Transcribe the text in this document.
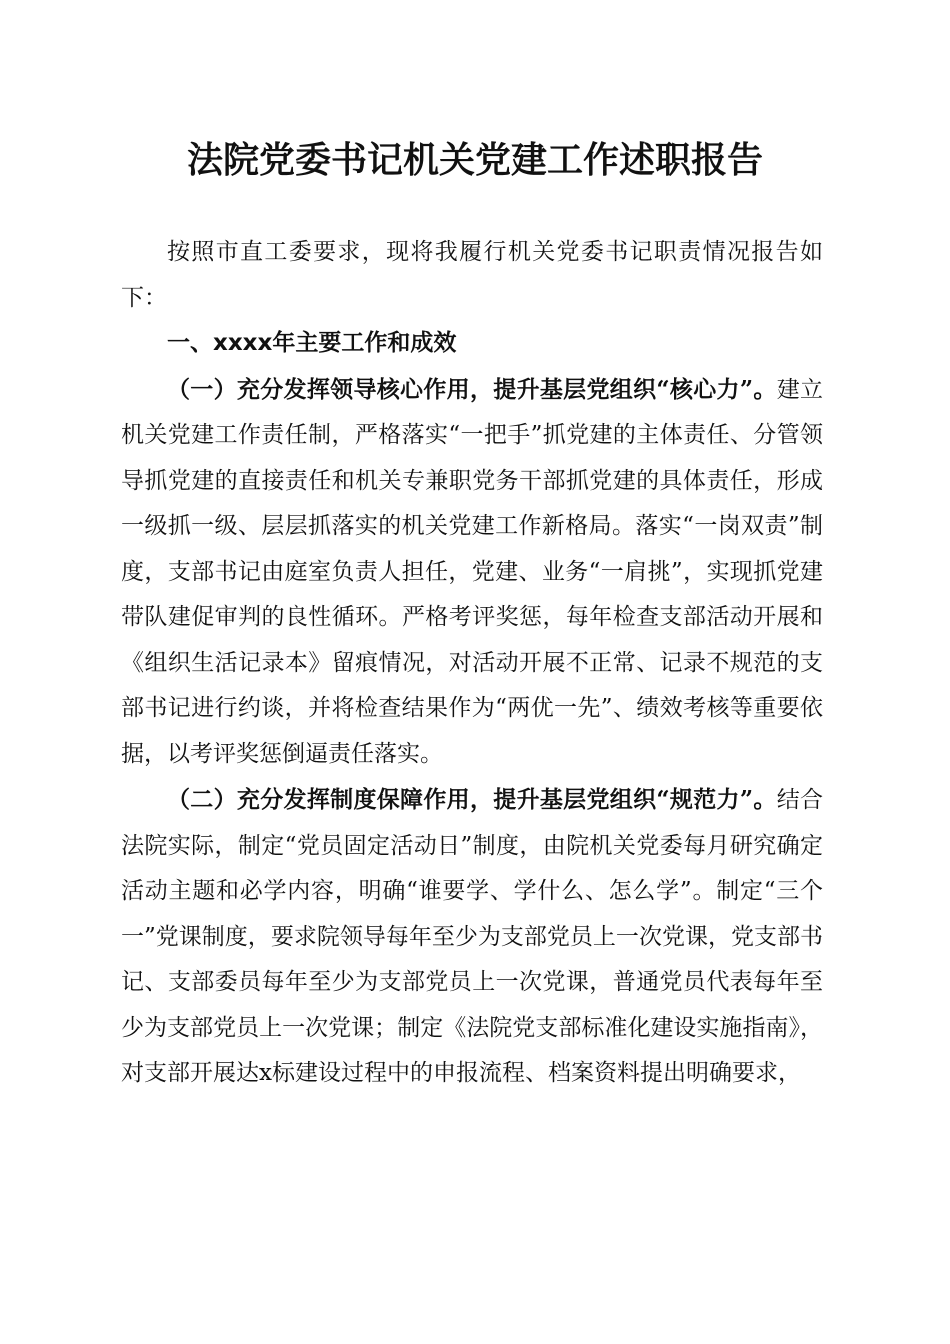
法院党委书记机关党建工作述职报告

按照市直工委要求，现将我履行机关党委书记职责情况报告如下：

一、xxxx年主要工作和成效

（一）充分发挥领导核心作用，提升基层党组织“核心力”。建立机关党建工作责任制，严格落实“一把手”抓党建的主体责任、分管领导抓党建的直接责任和机关专兼职党务干部抓党建的具体责任，形成一级抓一级、层层抓落实的机关党建工作新格局。落实“一岗双责”制度，支部书记由庭室负责人担任，党建、业务“一肩挑”，实现抓党建带队建促审判的良性循环。严格考评奖惩，每年检查支部活动开展和《组织生活记录本》留痕情况，对活动开展不正常、记录不规范的支部书记进行约谈，并将检查结果作为“两优一先”、绩效考核等重要依据，以考评奖惩倒逼责任落实。

（二）充分发挥制度保障作用，提升基层党组织“规范力”。结合法院实际，制定“党员固定活动日”制度，由院机关党委每月研究确定活动主题和必学内容，明确“谁要学、学什么、怎么学”。制定“三个一”党课制度，要求院领导每年至少为支部党员上一次党课，党支部书记、支部委员每年至少为支部党员上一次党课，普通党员代表每年至少为支部党员上一次党课；制定《法院党支部标准化建设实施指南》，对支部开展达x标建设过程中的申报流程、档案资料提出明确要求，
